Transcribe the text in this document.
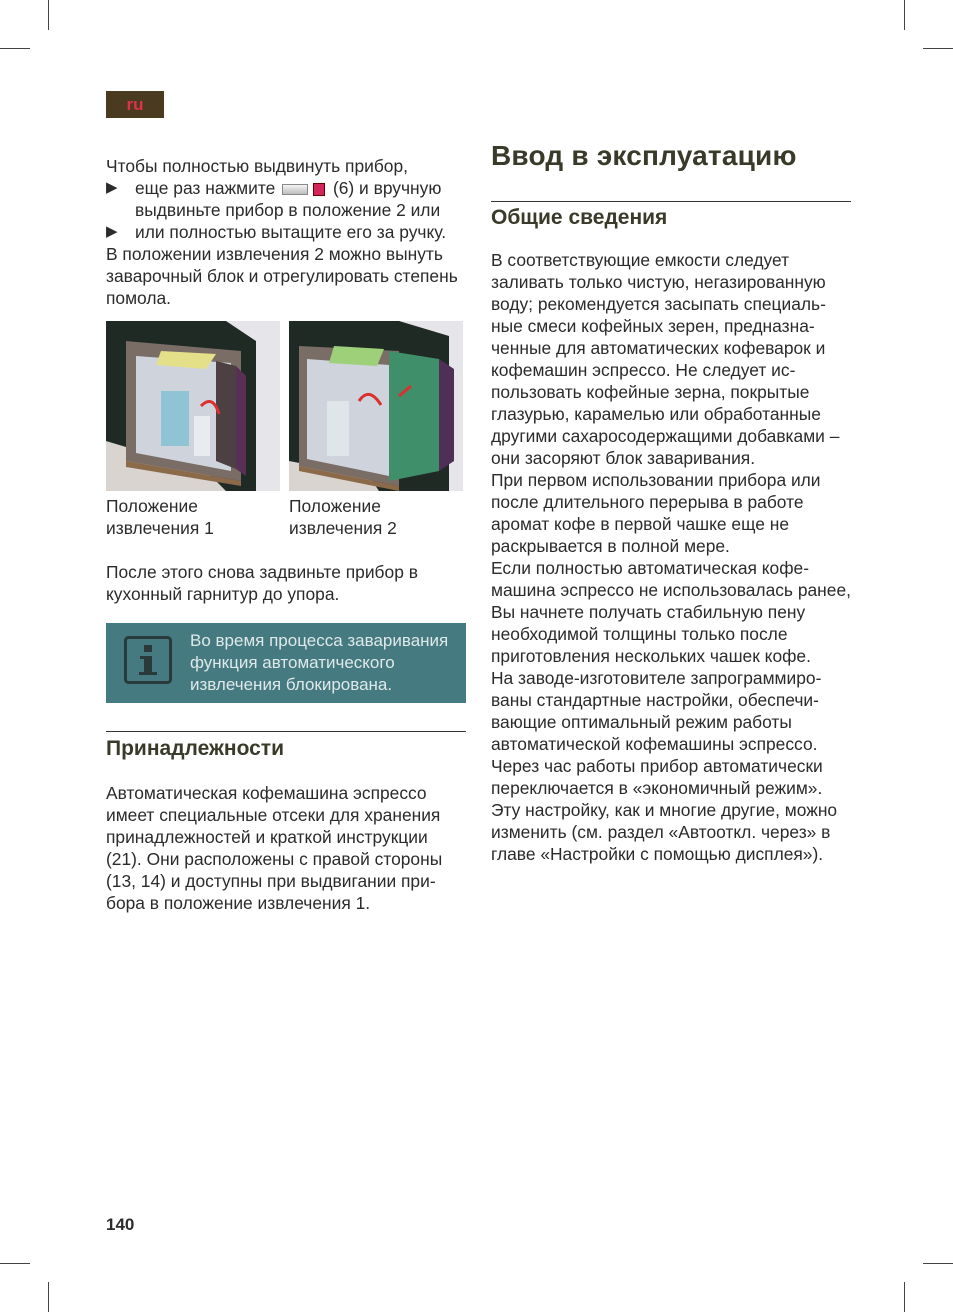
ru

Чтобы полностью выдвинуть прибор,

▶	еще раз нажмите	(6) и вручную выдвиньте прибор в положение 2 или
▶	или полностью вытащите его за ручку.

В положении извлечения 2 можно вынуть заварочный блок и отрегулировать степень помола.

Положение извлечения 1
Положение извлечения 2

После этого снова задвиньте прибор в кухонный гарнитур до упора.

Во время процесса заваривания функция автоматического извлечения блокирована.
Принадлежности

Автоматическая кофемашина эспрессо имеет специальные отсеки для хранения принадлежностей и краткой инструкции (21). Они расположены с правой стороны (13, 14) и доступны при выдвигании прибора в положение извлечения 1.

Ввод в эксплуатацию
Общие сведения

В соответствующие емкости следует заливать только чистую, негазированную воду; рекомендуется засыпать специальные смеси кофейных зерен, предназначенные для автоматических кофеварок и кофемашин эспрессо. Не следует использовать кофейные зерна, покрытые глазурью, карамелью или обработанные другими сахаросодержащими добавками – они засоряют блок заваривания.

При первом использовании прибора или после длительного перерыва в работе аромат кофе в первой чашке еще не раскрывается в полной мере.

Если полностью автоматическая кофемашина эспрессо не использовалась ранее, Вы начнете получать стабильную пену необходимой толщины только после приготовления нескольких чашек кофе.

На заводе-изготовителе запрограммированы стандартные настройки, обеспечивающие оптимальный режим работы автоматической кофемашины эспрессо.

Через час работы прибор автоматически переключается в «экономичный режим». Эту настройку, как и многие другие, можно изменить (см. раздел «Автооткл. через» в главе «Настройки с помощью дисплея»).

140
